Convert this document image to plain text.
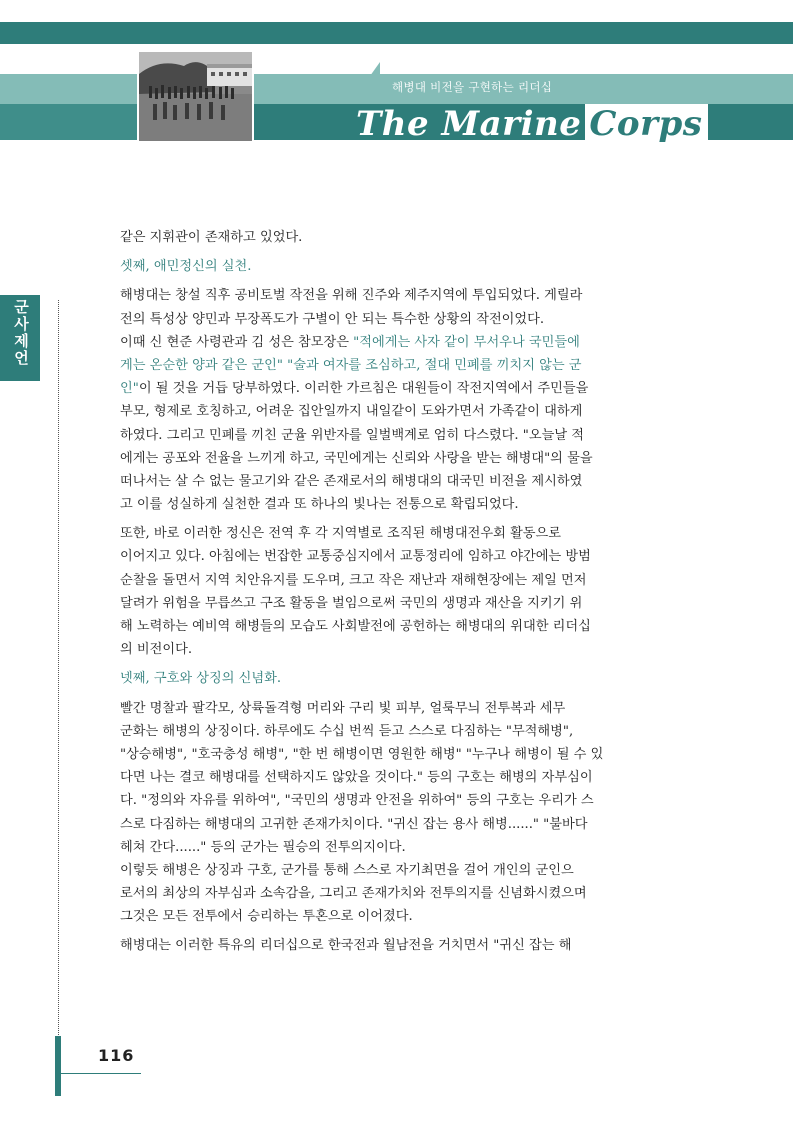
해병대 비전을 구현하는 리더십
The Marine Corps
군사제언
같은 지휘관이 존재하고 있었다.
셋째, 애민정신의 실천.
해병대는 창설 직후 공비토벌 작전을 위해 진주와 제주지역에 투입되었다. 게릴라
전의 특성상 양민과 무장폭도가 구별이 안 되는 특수한 상황의 작전이었다.
이때 신 현준 사령관과 김 성은 참모장은 "적에게는 사자 같이 무서우나 국민들에
게는 온순한 양과 같은 군인" "술과 여자를 조심하고, 절대 민폐를 끼치지 않는 군
인"이 될 것을 거듭 당부하였다. 이러한 가르침은 대원들이 작전지역에서 주민들을
부모, 형제로 호칭하고, 어려운 집안일까지 내일같이 도와가면서 가족같이 대하게
하였다. 그리고 민폐를 끼친 군율 위반자를 일벌백계로 엄히 다스렸다. "오늘날 적
에게는 공포와 전율을 느끼게 하고, 국민에게는 신뢰와 사랑을 받는 해병대"의 물을
떠나서는 살 수 없는 물고기와 같은 존재로서의 해병대의 대국민 비전을 제시하였
고 이를 성실하게 실천한 결과 또 하나의 빛나는 전통으로 확립되었다.
또한, 바로 이러한 정신은 전역 후 각 지역별로 조직된 해병대전우회 활동으로
이어지고 있다. 아침에는 번잡한 교통중심지에서 교통정리에 임하고 야간에는 방범
순찰을 돌면서 지역 치안유지를 도우며, 크고 작은 재난과 재해현장에는 제일 먼저
달려가 위험을 무릅쓰고 구조 활동을 벌임으로써 국민의 생명과 재산을 지키기 위
해 노력하는 예비역 해병들의 모습도 사회발전에 공헌하는 해병대의 위대한 리더십
의 비전이다.
넷째, 구호와 상징의 신념화.
빨간 명찰과 팔각모, 상륙돌격형 머리와 구리 빛 피부, 얼룩무늬 전투복과 세무
군화는 해병의 상징이다. 하루에도 수십 번씩 듣고 스스로 다짐하는 "무적해병",
"상승해병", "호국충성 해병", "한 번 해병이면 영원한 해병" "누구나 해병이 될 수 있
다면 나는 결코 해병대를 선택하지도 않았을 것이다." 등의 구호는 해병의 자부심이
다. "정의와 자유를 위하여", "국민의 생명과 안전을 위하여" 등의 구호는 우리가 스
스로 다짐하는 해병대의 고귀한 존재가치이다. "귀신 잡는 용사 해병......" "불바다
헤쳐 간다......" 등의 군가는 필승의 전투의지이다.
이렇듯 해병은 상징과 구호, 군가를 통해 스스로 자기최면을 걸어 개인의 군인으
로서의 최상의 자부심과 소속감을, 그리고 존재가치와 전투의지를 신념화시켰으며
그것은 모든 전투에서 승리하는 투혼으로 이어졌다.
해병대는 이러한 특유의 리더십으로 한국전과 월남전을 거치면서 "귀신 잡는 해
116
